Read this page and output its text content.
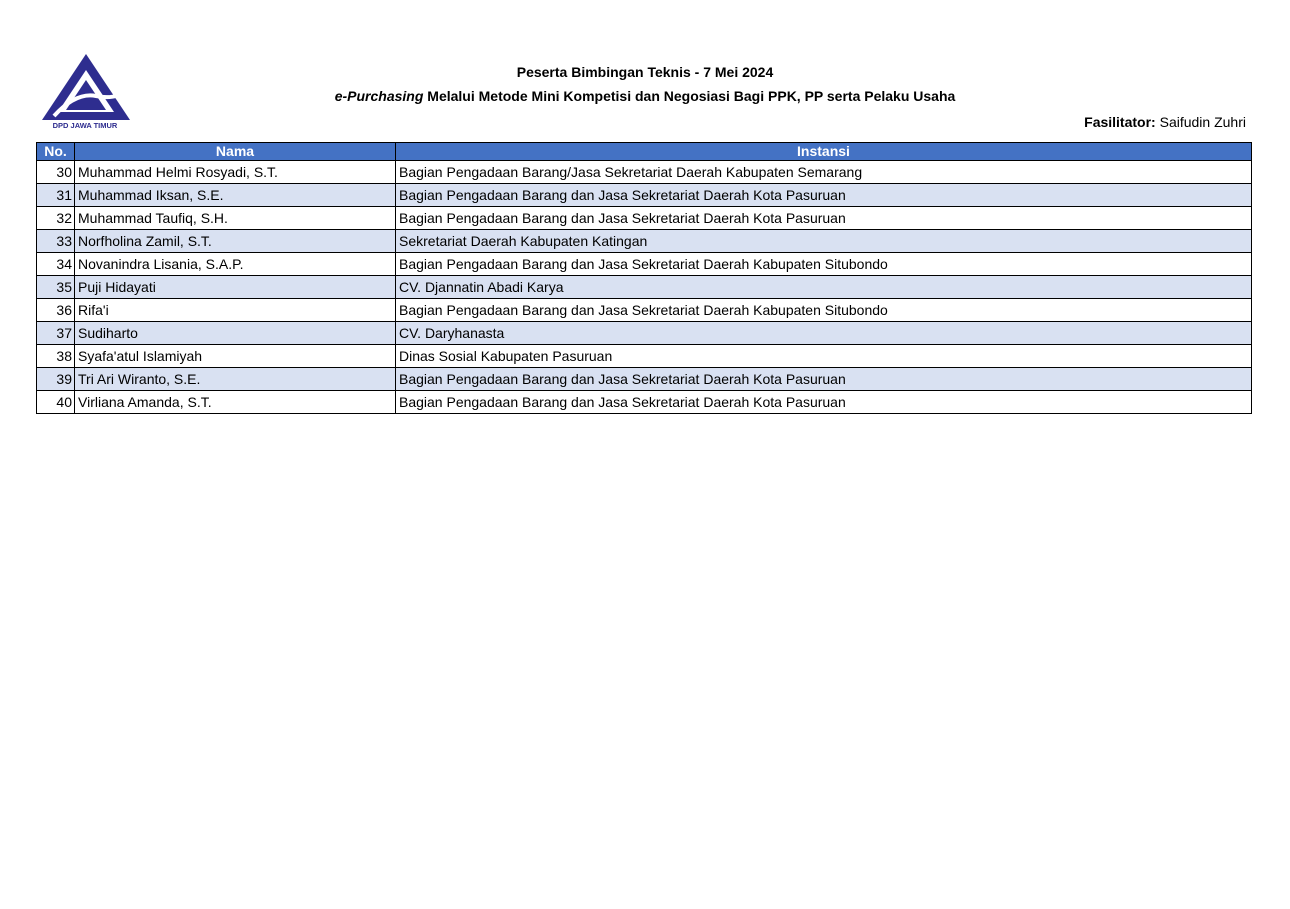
DPD JAWA TIMUR
Peserta Bimbingan Teknis - 7 Mei 2024
e-Purchasing Melalui Metode Mini Kompetisi dan Negosiasi Bagi PPK, PP serta Pelaku Usaha
Fasilitator: Saifudin Zuhri
No.	Nama	Instansi
30	Muhammad Helmi Rosyadi, S.T.	Bagian Pengadaan Barang/Jasa Sekretariat Daerah Kabupaten Semarang
31	Muhammad Iksan, S.E.	Bagian Pengadaan Barang dan Jasa Sekretariat Daerah Kota Pasuruan
32	Muhammad Taufiq, S.H.	Bagian Pengadaan Barang dan Jasa Sekretariat Daerah Kota Pasuruan
33	Norfholina Zamil, S.T.	Sekretariat Daerah Kabupaten Katingan
34	Novanindra Lisania, S.A.P.	Bagian Pengadaan Barang dan Jasa Sekretariat Daerah Kabupaten Situbondo
35	Puji Hidayati	CV. Djannatin Abadi Karya
36	Rifa'i	Bagian Pengadaan Barang dan Jasa Sekretariat Daerah Kabupaten Situbondo
37	Sudiharto	CV. Daryhanasta
38	Syafa'atul Islamiyah	Dinas Sosial Kabupaten Pasuruan
39	Tri Ari Wiranto, S.E.	Bagian Pengadaan Barang dan Jasa Sekretariat Daerah Kota Pasuruan
40	Virliana Amanda, S.T.	Bagian Pengadaan Barang dan Jasa Sekretariat Daerah Kota Pasuruan
